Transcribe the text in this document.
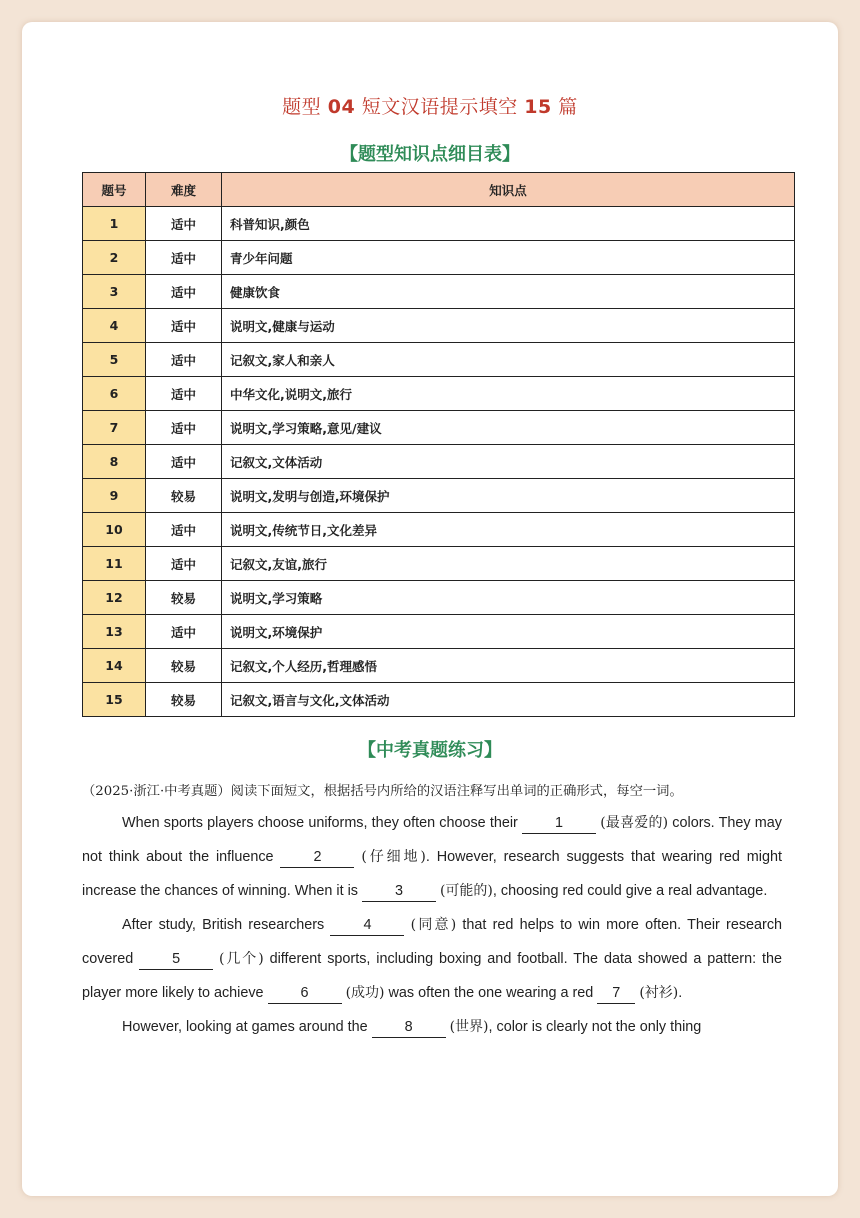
题型 04 短文汉语提示填空 15 篇
【题型知识点细目表】
题号	难度	知识点
1	适中	科普知识,颜色
2	适中	青少年问题
3	适中	健康饮食
4	适中	说明文,健康与运动
5	适中	记叙文,家人和亲人
6	适中	中华文化,说明文,旅行
7	适中	说明文,学习策略,意见/建议
8	适中	记叙文,文体活动
9	较易	说明文,发明与创造,环境保护
10	适中	说明文,传统节日,文化差异
11	适中	记叙文,友谊,旅行
12	较易	说明文,学习策略
13	适中	说明文,环境保护
14	较易	记叙文,个人经历,哲理感悟
15	较易	记叙文,语言与文化,文体活动
【中考真题练习】
（2025·浙江·中考真题）阅读下面短文，根据括号内所给的汉语注释写出单词的正确形式，每空一词。

When sports players choose uniforms, they often choose their	1	(最喜爱的) colors. They may not think about the influence	2	(仔细地). However, research suggests that wearing red might increase the chances of winning. When it is	3	(可能的), choosing red could give a real advantage.

After study, British researchers	4	(同意) that red helps to win more often. Their research covered	5	(几个) different sports, including boxing and football. The data showed a pattern: the player more likely to achieve	6	(成功) was often the one wearing a red 7 (衬衫).

However, looking at games around the	8	(世界), color is clearly not the only thing
